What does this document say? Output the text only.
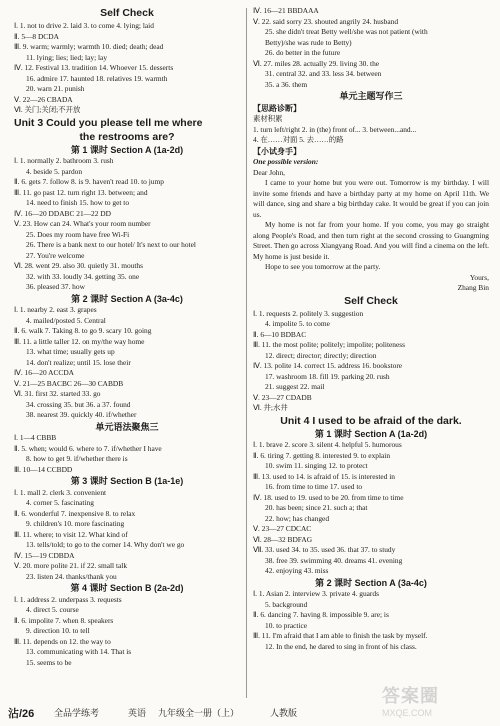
Self Check
Ⅰ. 1. not to drive 2. laid 3. to come 4. lying; laid
Ⅱ. 5—8 DCDA
Ⅲ. 9. warm; warmly; warmth 10. died; death; dead
11. lying; lies; lied; lay; lay
Ⅳ. 12. Festival 13. tradition 14. Whoever 15. desserts
16. admire 17. haunted 18. relatives 19. warmth
20. warn 21. punish
Ⅴ. 22—26 CBADA
Ⅵ. 关门;关闭;不开放
Unit 3 Could you please tell me where
the restrooms are?
第 1 课时 Section A (1a-2d)
Ⅰ. 1. normally 2. bathroom 3. rush
4. beside 5. pardon
Ⅱ. 6. gets 7. follow 8. is 9. haven't read 10. to jump
Ⅲ. 11. go past 12. turn right 13. between; and
14. need to finish 15. how to get to
Ⅳ. 16—20 DDABC 21—22 DD
Ⅴ. 23. How can 24. What's your room number
25. Does my room have free Wi-Fi
26. There is a bank next to our hotel/ It's next to our hotel
27. You're welcome
Ⅵ. 28. went 29. also 30. quietly 31. mouths
32. with 33. loudly 34. getting 35. one
36. pleased 37. how
第 2 课时 Section A (3a-4c)
Ⅰ. 1. nearby 2. east 3. grapes
4. mailed/posted 5. Central
Ⅱ. 6. walk 7. Taking 8. to go 9. scary 10. going
Ⅲ. 11. a little taller 12. on my/the way home
13. what time; usually gets up
14. don't realize; until 15. lose their
Ⅳ. 16—20 ACCDA
Ⅴ. 21—25 BACBC 26—30 CABDB
Ⅵ. 31. first 32. started 33. go
34. crossing 35. but 36. a 37. found
38. nearest 39. quickly 40. if/whether
单元语法聚焦三
Ⅰ. 1—4 CBBB
Ⅱ. 5. when; would 6. where to 7. if/whether I have
8. how to get 9. if/whether there is
Ⅲ. 10—14 CCBDD
第 3 课时 Section B (1a-1e)
Ⅰ. 1. mall 2. clerk 3. convenient
4. corner 5. fascinating
Ⅱ. 6. wonderful 7. inexpensive 8. to relax
9. children's 10. more fascinating
Ⅲ. 11. where; to visit 12. What kind of
13. tells/told; to go to the corner 14. Why don't we go
Ⅳ. 15—19 CDBDA
Ⅴ. 20. more polite 21. if 22. small talk
23. listen 24. thanks/thank you
第 4 课时 Section B (2a-2d)
Ⅰ. 1. address 2. underpass 3. requests
4. direct 5. course
Ⅱ. 6. impolite 7. when 8. speakers
9. direction 10. to tell
Ⅲ. 11. depends on 12. the way to
13. communicating with 14. That is
15. seems to be
Ⅳ. 16—21 BBDAAA
Ⅴ. 22. said sorry 23. shouted angrily 24. husband
25. she didn't treat Betty well/she was not patient (with
Betty)/she was rude to Betty)
26. do better in the future
Ⅵ. 27. miles 28. actually 29. living 30. the
31. central 32. and 33. less 34. between
35. a 36. them
单元主题写作三
【思路诊断】
素材积累
1. turn left/right 2. in (the) front of... 3. between...and...
4. 在……对面 5. 去……的路
【小试身手】
One possible version:
Dear John,
I came to your home but you were out. Tomorrow is my birthday. I will invite some friends and have a birthday party at my home on April 11th. We will dance, sing and share a big birthday cake. It would be great if you can join us.
My home is not far from your home. If you come, you may go straight along People's Road, and then turn right at the second crossing to Guangming Street. Then go across Xiangyang Road. And you will find a cinema on the left. My home is just beside it.
Hope to see you tomorrow at the party.
Yours,
Zhang Bin
Self Check
Ⅰ. 1. requests 2. politely 3. suggestion
4. impolite 5. to come
Ⅱ. 6—10 BDBAC
Ⅲ. 11. the most polite; politely; impolite; politeness
12. direct; director; directly; direction
Ⅳ. 13. polite 14. correct 15. address 16. bookstore
17. washroom 18. fill 19. parking 20. rush
21. suggest 22. mail
Ⅴ. 23—27 CDADB
Ⅵ. 井;水井
Unit 4 I used to be afraid of the dark.
第 1 课时 Section A (1a-2d)
Ⅰ. 1. brave 2. score 3. silent 4. helpful 5. humorous
Ⅱ. 6. tiring 7. getting 8. interested 9. to explain
10. swim 11. singing 12. to protect
Ⅲ. 13. used to 14. is afraid of 15. is interested in
16. from time to time 17. used to
Ⅳ. 18. used to 19. used to be 20. from time to time
20. has been; since 21. such a; that
22. how; has changed
Ⅴ. 23—27 CDCAC
Ⅵ. 28—32 BDFAG
Ⅶ. 33. used 34. to 35. used 36. that 37. to study
38. free 39. swimming 40. dreams 41. evening
42. enjoying 43. miss
第 2 课时 Section A (3a-4c)
Ⅰ. 1. Asian 2. interview 3. private 4. guards
5. background
Ⅱ. 6. dancing 7. having 8. impossible 9. are; is
10. to practice
Ⅲ. 11. I'm afraid that I am able to finish the task by myself.
12. In the end, he dared to sing in front of his class.
沾/26 全品学练考	英语 九年级全一册（上）	人教版
答案圈
MXQE.COM
